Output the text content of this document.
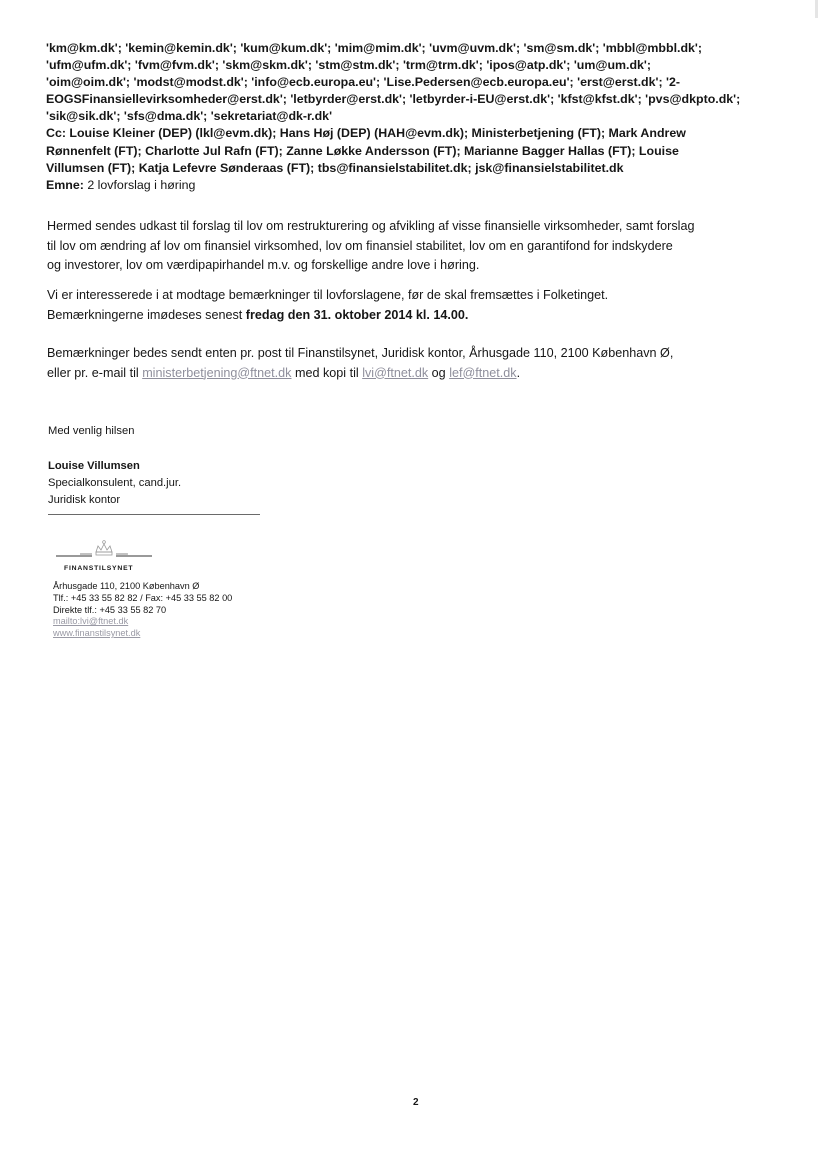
'km@km.dk'; 'kemin@kemin.dk'; 'kum@kum.dk'; 'mim@mim.dk'; 'uvm@uvm.dk'; 'sm@sm.dk'; 'mbbl@mbbl.dk';
'ufm@ufm.dk'; 'fvm@fvm.dk'; 'skm@skm.dk'; 'stm@stm.dk'; 'trm@trm.dk'; 'ipos@atp.dk'; 'um@um.dk';
'oim@oim.dk'; 'modst@modst.dk'; 'info@ecb.europa.eu'; 'Lise.Pedersen@ecb.europa.eu'; 'erst@erst.dk'; '2-
EOGSFinansiellevirksomheder@erst.dk'; 'letbyrder@erst.dk'; 'letbyrder-i-EU@erst.dk'; 'kfst@kfst.dk'; 'pvs@dkpto.dk';
'sik@sik.dk'; 'sfs@dma.dk'; 'sekretariat@dk-r.dk'
Cc: Louise Kleiner (DEP) (lkl@evm.dk); Hans Høj (DEP) (HAH@evm.dk); Ministerbetjening (FT); Mark Andrew
Rønnenfelt (FT); Charlotte Jul Rafn (FT); Zanne Løkke Andersson (FT); Marianne Bagger Hallas (FT); Louise
Villumsen (FT); Katja Lefevre Sønderaas (FT); tbs@finansielstabilitet.dk; jsk@finansielstabilitet.dk
Emne: 2 lovforslag i høring
Hermed sendes udkast til forslag til lov om restrukturering og afvikling af visse finansielle virksomheder, samt forslag
til lov om ændring af lov om finansiel virksomhed, lov om finansiel stabilitet, lov om en garantifond for indskydere
og investorer, lov om værdipapirhandel m.v. og forskellige andre love i høring.
Vi er interesserede i at modtage bemærkninger til lovforslagene, før de skal fremsættes i Folketinget.
Bemærkningerne imødeses senest fredag den 31. oktober 2014 kl. 14.00.
Bemærkninger bedes sendt enten pr. post til Finanstilsynet, Juridisk kontor, Århusgade 110, 2100 København Ø,
eller pr. e-mail til ministerbetjening@ftnet.dk med kopi til lvi@ftnet.dk og lef@ftnet.dk.
Med venlig hilsen
Louise Villumsen
Specialkonsulent, cand.jur.
Juridisk kontor
FINANSTILSYNET
Århusgade 110, 2100 København Ø
Tlf.: +45 33 55 82 82 / Fax: +45 33 55 82 00
Direkte tlf.: +45 33 55 82 70
mailto:lvi@ftnet.dk
www.finanstilsynet.dk
2
